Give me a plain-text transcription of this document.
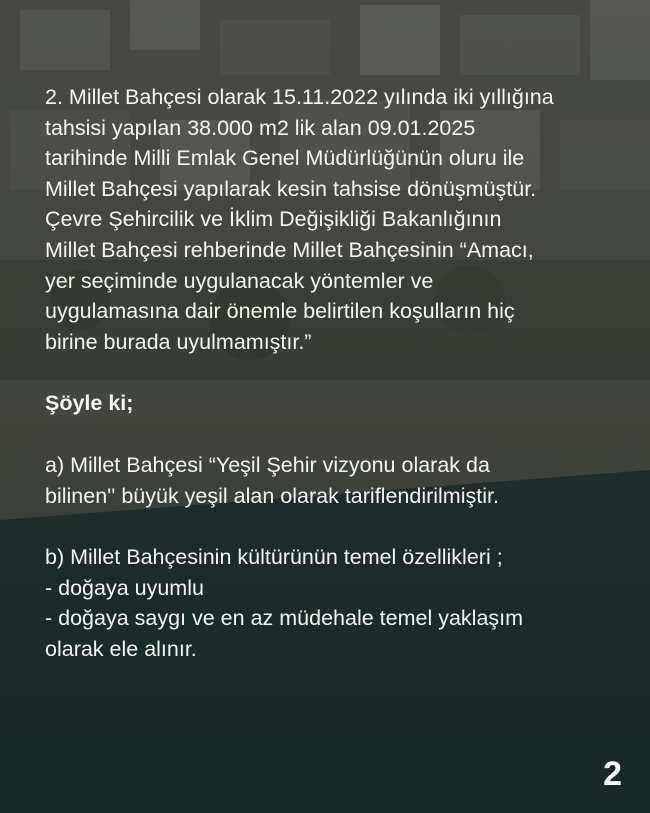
2. Millet Bahçesi olarak 15.11.2022 yılında iki yıllığına
tahsisi yapılan 38.000 m2 lik alan 09.01.2025
tarihinde Milli Emlak Genel Müdürlüğünün oluru ile
Millet Bahçesi yapılarak kesin tahsise dönüşmüştür.
Çevre Şehircilik ve İklim Değişikliği Bakanlığının
Millet Bahçesi rehberinde Millet Bahçesinin “Amacı,
yer seçiminde uygulanacak yöntemler ve
uygulamasına dair önemle belirtilen koşulların hiç
birine burada uyulmamıştır.”

Şöyle ki;

a) Millet Bahçesi “Yeşil Şehir vizyonu olarak da
bilinen'' büyük yeşil alan olarak tariflendirilmiştir.

b) Millet Bahçesinin kültürünün temel özellikleri ;

- doğaya uyumlu

- doğaya saygı ve en az müdehale temel yaklaşım
olarak ele alınır.

2
